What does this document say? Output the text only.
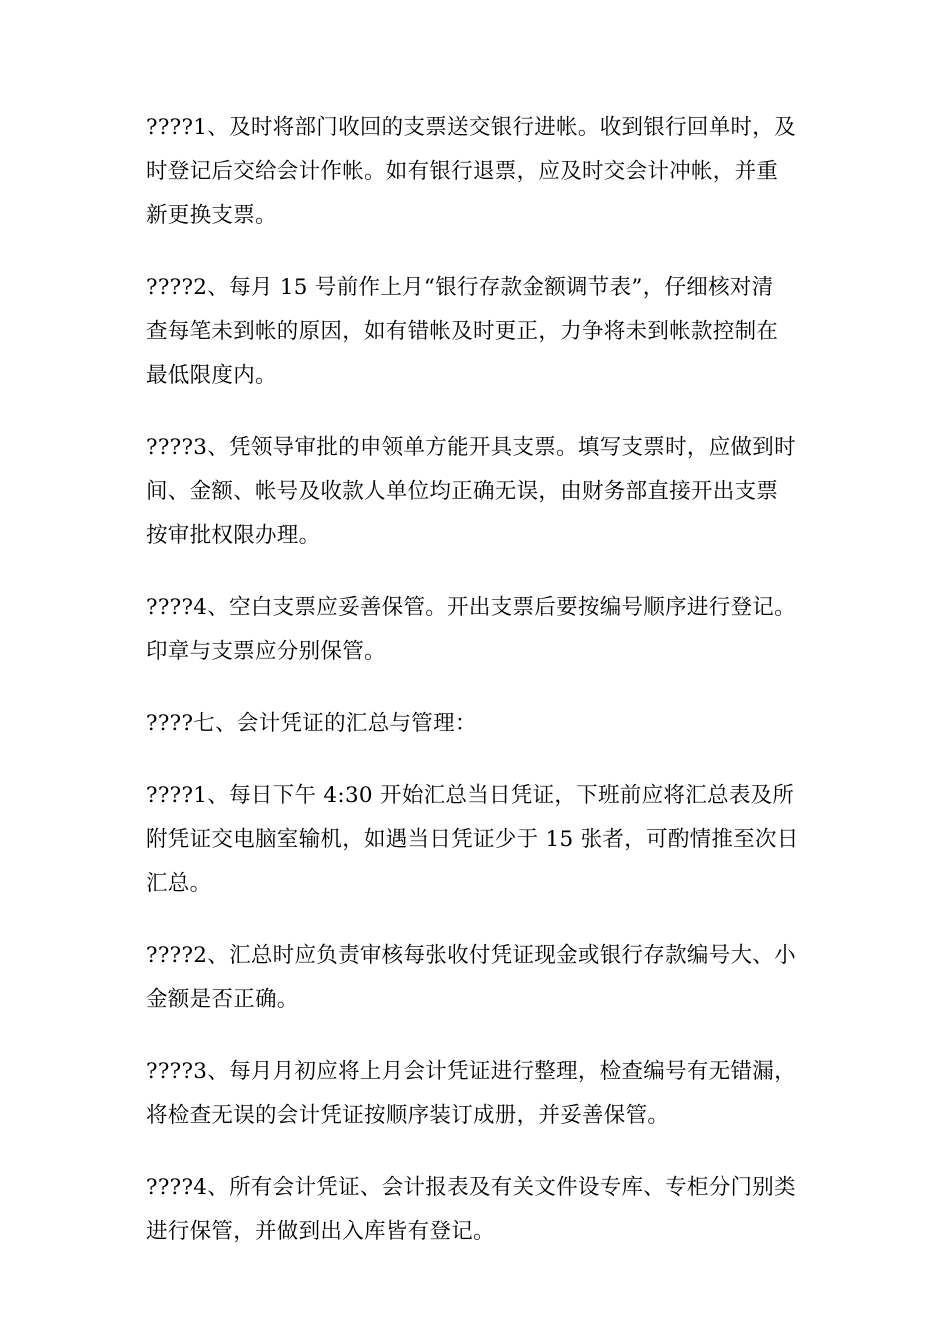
????1、及时将部门收回的支票送交银行进帐。收到银行回单时，及
时登记后交给会计作帐。如有银行退票，应及时交会计冲帐，并重
新更换支票。

????2、每月 15 号前作上月“银行存款金额调节表”，仔细核对清
查每笔未到帐的原因，如有错帐及时更正，力争将未到帐款控制在
最低限度内。

????3、凭领导审批的申领单方能开具支票。填写支票时，应做到时
间、金额、帐号及收款人单位均正确无误，由财务部直接开出支票
按审批权限办理。

????4、空白支票应妥善保管。开出支票后要按编号顺序进行登记。
印章与支票应分别保管。

????七、会计凭证的汇总与管理：

????1、每日下午 4:30 开始汇总当日凭证，下班前应将汇总表及所
附凭证交电脑室输机，如遇当日凭证少于 15 张者，可酌情推至次日
汇总。

????2、汇总时应负责审核每张收付凭证现金或银行存款编号大、小
金额是否正确。

????3、每月月初应将上月会计凭证进行整理，检查编号有无错漏，
将检查无误的会计凭证按顺序装订成册，并妥善保管。

????4、所有会计凭证、会计报表及有关文件设专库、专柜分门别类
进行保管，并做到出入库皆有登记。
